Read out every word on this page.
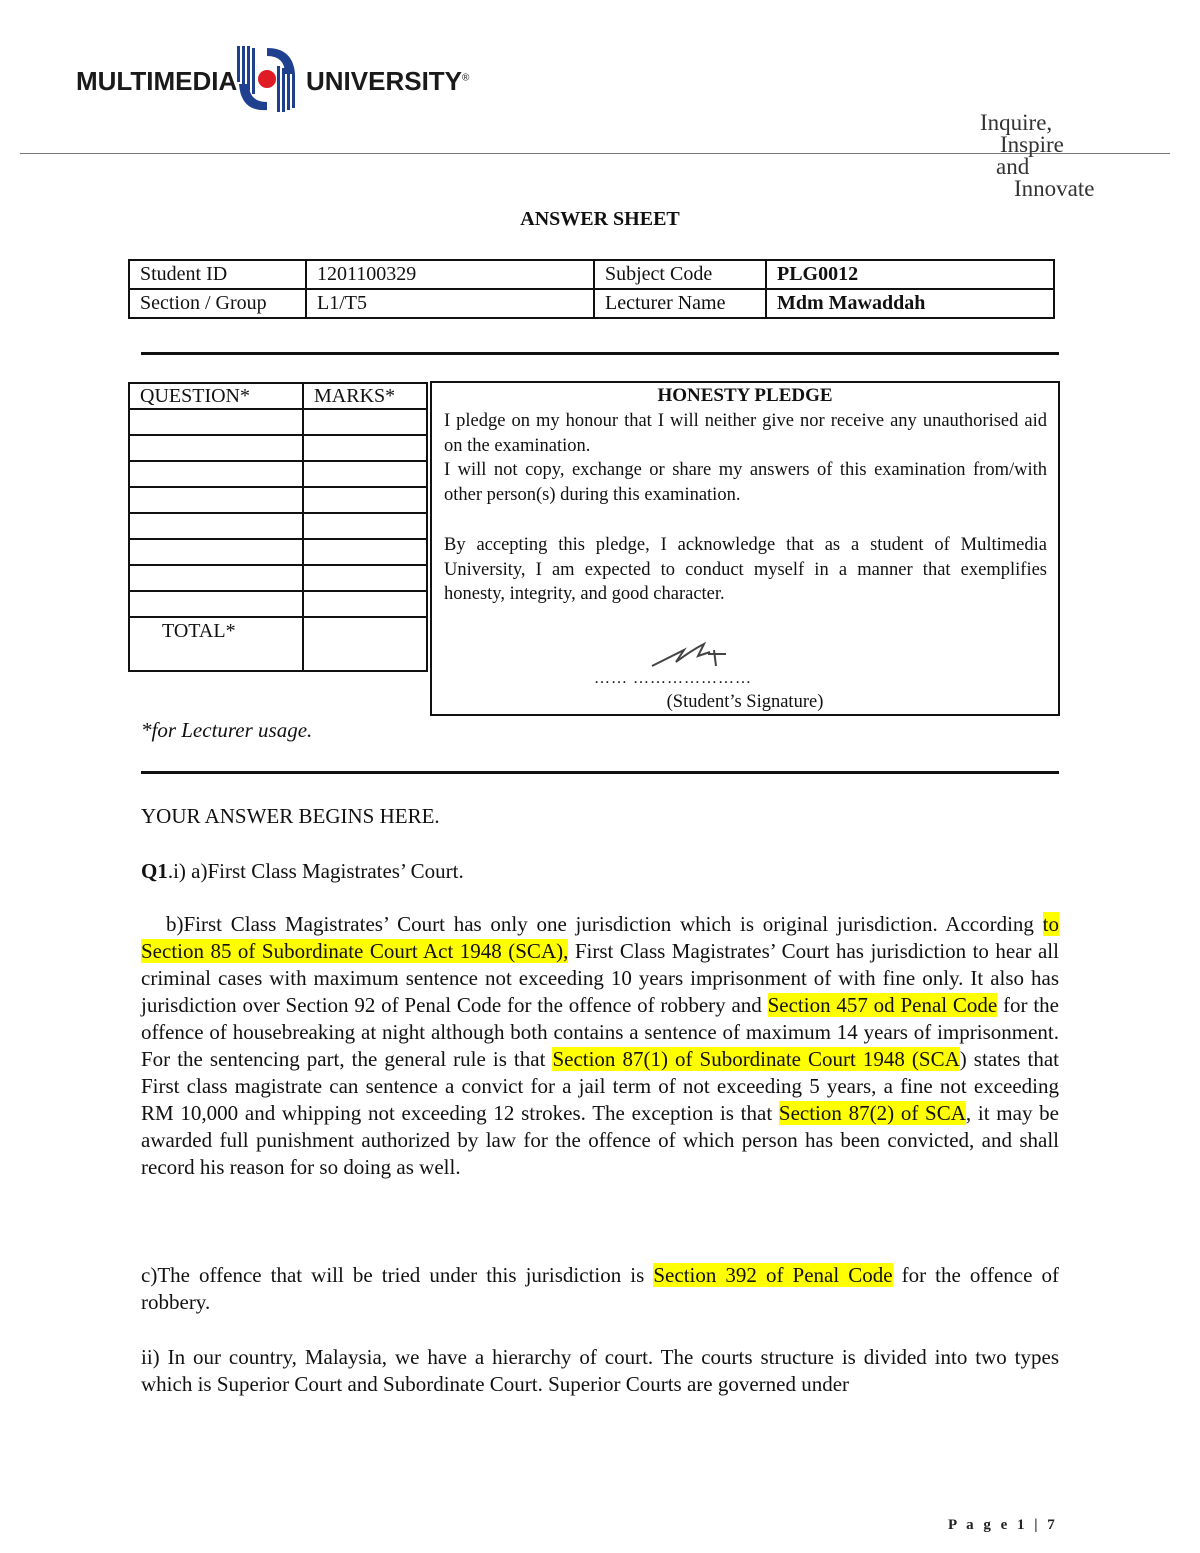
MULTIMEDIA	UNIVERSITY®
Inquire,
Inspire
and
Innovate
ANSWER SHEET
Student ID	1201100329	Subject Code	PLG0012
Section / Group	L1/T5	Lecturer Name	Mdm Mawaddah
QUESTION*	MARKS*

TOTAL*	
*for Lecturer usage.
HONESTY PLEDGE
I pledge on my honour that I will neither give nor receive any unauthorised aid on the examination.
I will not copy, exchange or share my answers of this examination from/with other person(s) during this examination.
By accepting this pledge, I acknowledge that as a student of Multimedia University, I am expected to conduct myself in a manner that exemplifies honesty, integrity, and good character.
…… …………………
(Student’s Signature)
YOUR ANSWER BEGINS HERE.
Q1.i) a)First Class Magistrates’ Court.
b)First Class Magistrates’ Court has only one jurisdiction which is original jurisdiction. According to Section 85 of Subordinate Court Act 1948 (SCA), First Class Magistrates’ Court has jurisdiction to hear all criminal cases with maximum sentence not exceeding 10 years imprisonment of with fine only. It also has jurisdiction over Section 92 of Penal Code for the offence of robbery and Section 457 od Penal Code for the offence of housebreaking at night although both contains a sentence of maximum 14 years of imprisonment. For the sentencing part, the general rule is that Section 87(1) of Subordinate Court 1948 (SCA) states that First class magistrate can sentence a convict for a jail term of not exceeding 5 years, a fine not exceeding RM 10,000 and whipping not exceeding 12 strokes. The exception is that Section 87(2) of SCA, it may be awarded full punishment authorized by law for the offence of which person has been convicted, and shall record his reason for so doing as well.
c)The offence that will be tried under this jurisdiction is Section 392 of Penal Code for the offence of robbery.
ii) In our country, Malaysia, we have a hierarchy of court. The courts structure is divided into two types which is Superior Court and Subordinate Court. Superior Courts are governed under
P a g e 1 | 7
